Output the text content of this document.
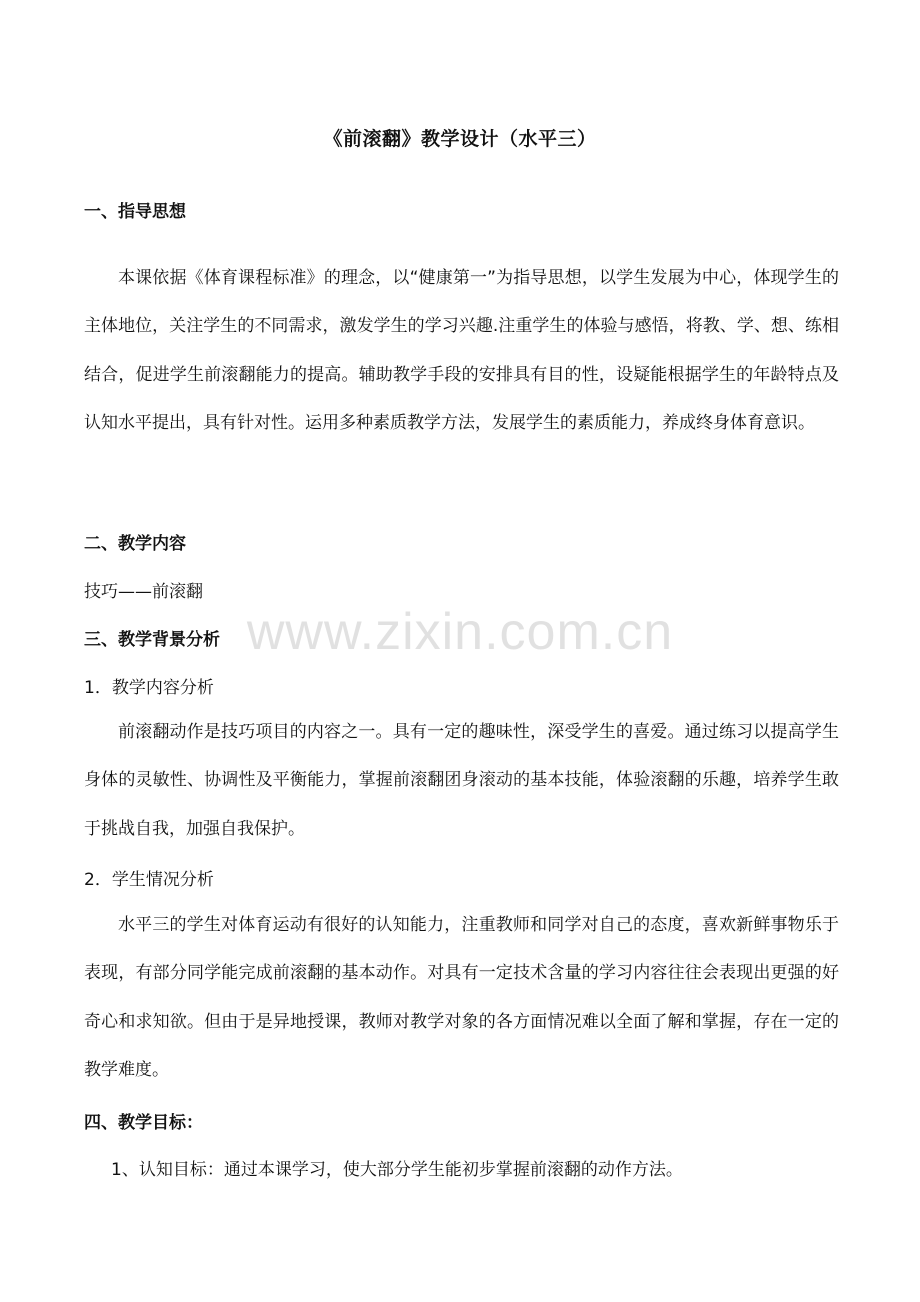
《前滚翻》教学设计（水平三）
一、指导思想
本课依据《体育课程标准》的理念，以“健康第一”为指导思想，以学生发展为中心，体现学生的主体地位，关注学生的不同需求，激发学生的学习兴趣.注重学生的体验与感悟，将教、学、想、练相结合，促进学生前滚翻能力的提高。辅助教学手段的安排具有目的性，设疑能根据学生的年龄特点及认知水平提出，具有针对性。运用多种素质教学方法，发展学生的素质能力，养成终身体育意识。
二、教学内容
技巧——前滚翻
三、教学背景分析
1．教学内容分析
前滚翻动作是技巧项目的内容之一。具有一定的趣味性，深受学生的喜爱。通过练习以提高学生身体的灵敏性、协调性及平衡能力，掌握前滚翻团身滚动的基本技能，体验滚翻的乐趣，培养学生敢于挑战自我，加强自我保护。
2．学生情况分析
水平三的学生对体育运动有很好的认知能力，注重教师和同学对自己的态度，喜欢新鲜事物乐于表现，有部分同学能完成前滚翻的基本动作。对具有一定技术含量的学习内容往往会表现出更强的好奇心和求知欲。但由于是异地授课，教师对教学对象的各方面情况难以全面了解和掌握，存在一定的教学难度。
四、教学目标：
1、认知目标：通过本课学习，使大部分学生能初步掌握前滚翻的动作方法。
www.zixin.com.cn
